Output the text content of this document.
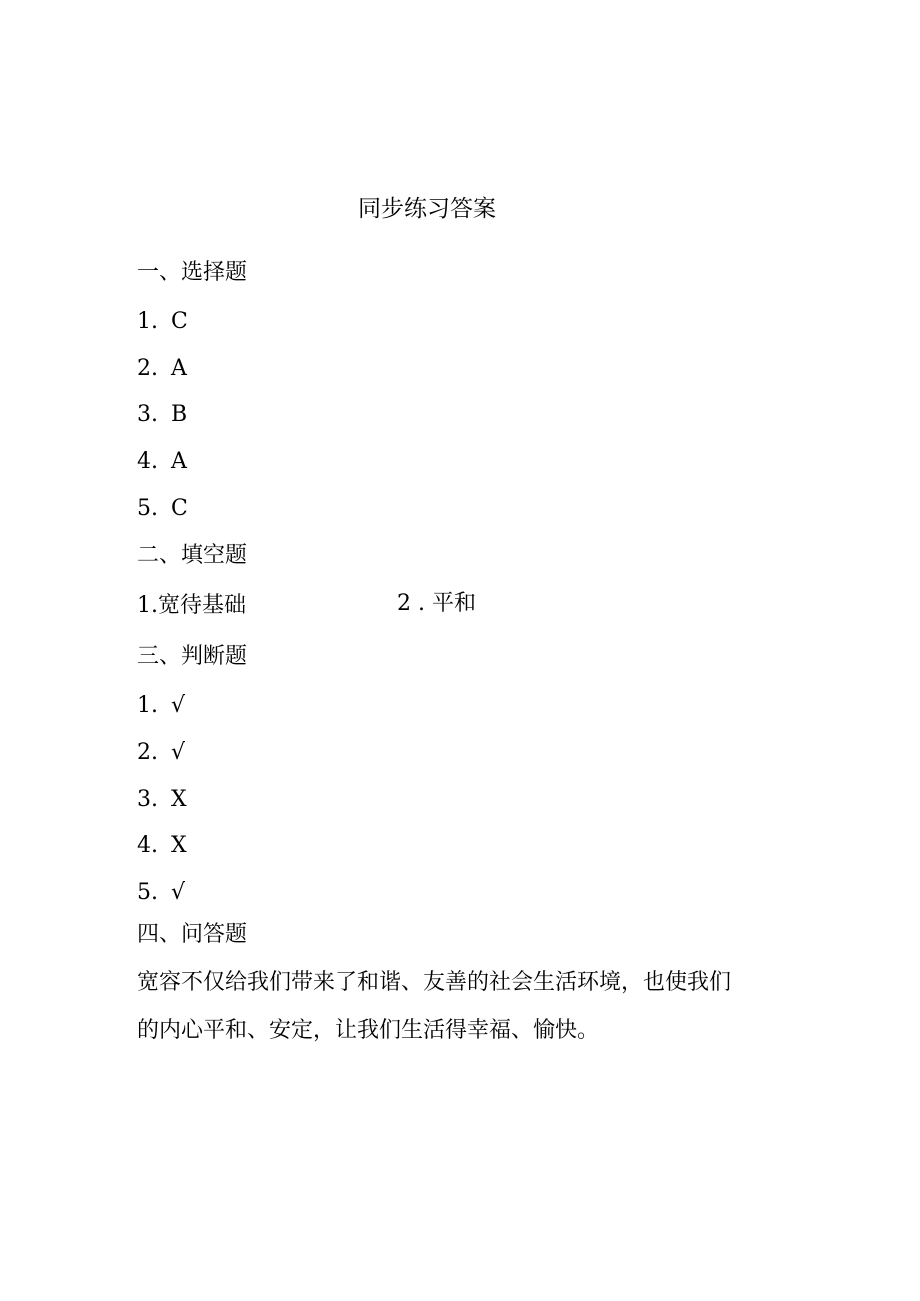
同步练习答案
一、选择题
1. C
2. A
3. B
4. A
5. C
二、填空题
1.宽待基础	2 . 平和
三、判断题
1. √
2. √
3. X
4. X
5. √
四、问答题
宽容不仅给我们带来了和谐、友善的社会生活环境，也使我们
的内心平和、安定，让我们生活得幸福、愉快。
